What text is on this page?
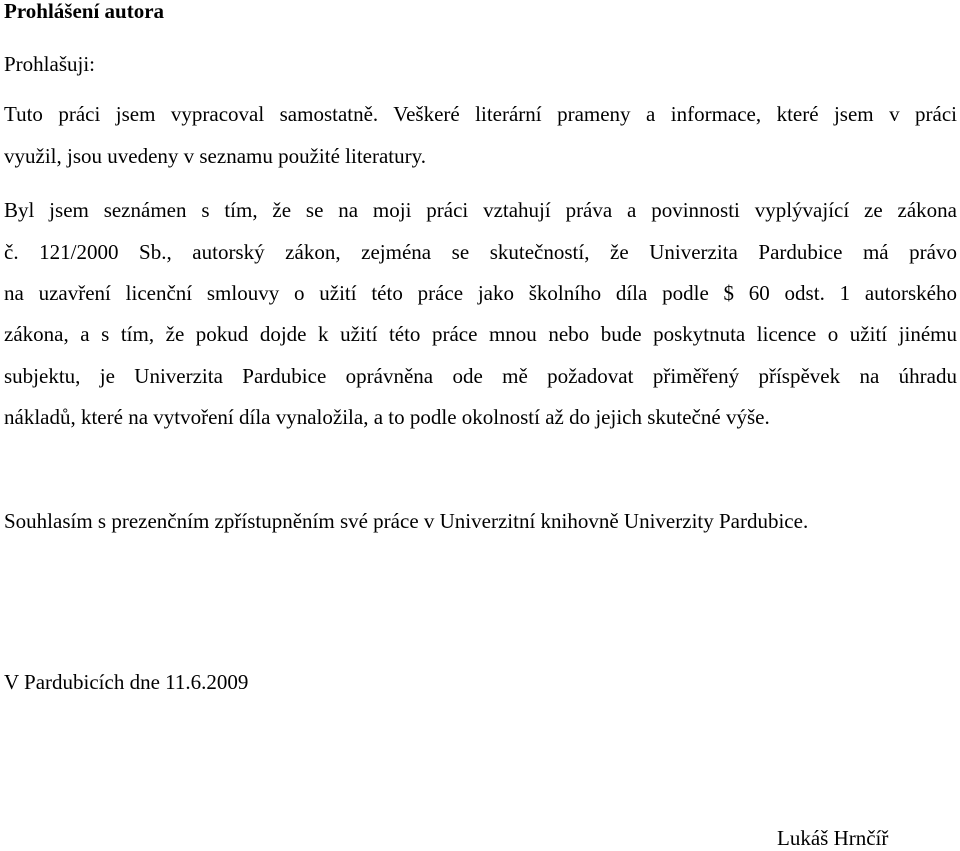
Prohlášení autora

Prohlašuji:

Tuto práci jsem vypracoval samostatně. Veškeré literární prameny a informace, které jsem v práci

využil, jsou uvedeny v seznamu použité literatury.

Byl jsem seznámen s tím, že se na moji práci vztahují práva a povinnosti vyplývající ze zákona

č. 121/2000 Sb., autorský zákon, zejména se skutečností, že Univerzita Pardubice má právo

na uzavření licenční smlouvy o užití této práce jako školního díla podle $ 60 odst. 1 autorského

zákona, a s tím, že pokud dojde k užití této práce mnou nebo bude poskytnuta licence o užití jinému

subjektu, je Univerzita Pardubice oprávněna ode mě požadovat přiměřený příspěvek na úhradu

nákladů, které na vytvoření díla vynaložila, a to podle okolností až do jejich skutečné výše.

Souhlasím s prezenčním zpřístupněním své práce v Univerzitní knihovně Univerzity Pardubice.

V Pardubicích dne 11.6.2009

Lukáš Hrnčíř
